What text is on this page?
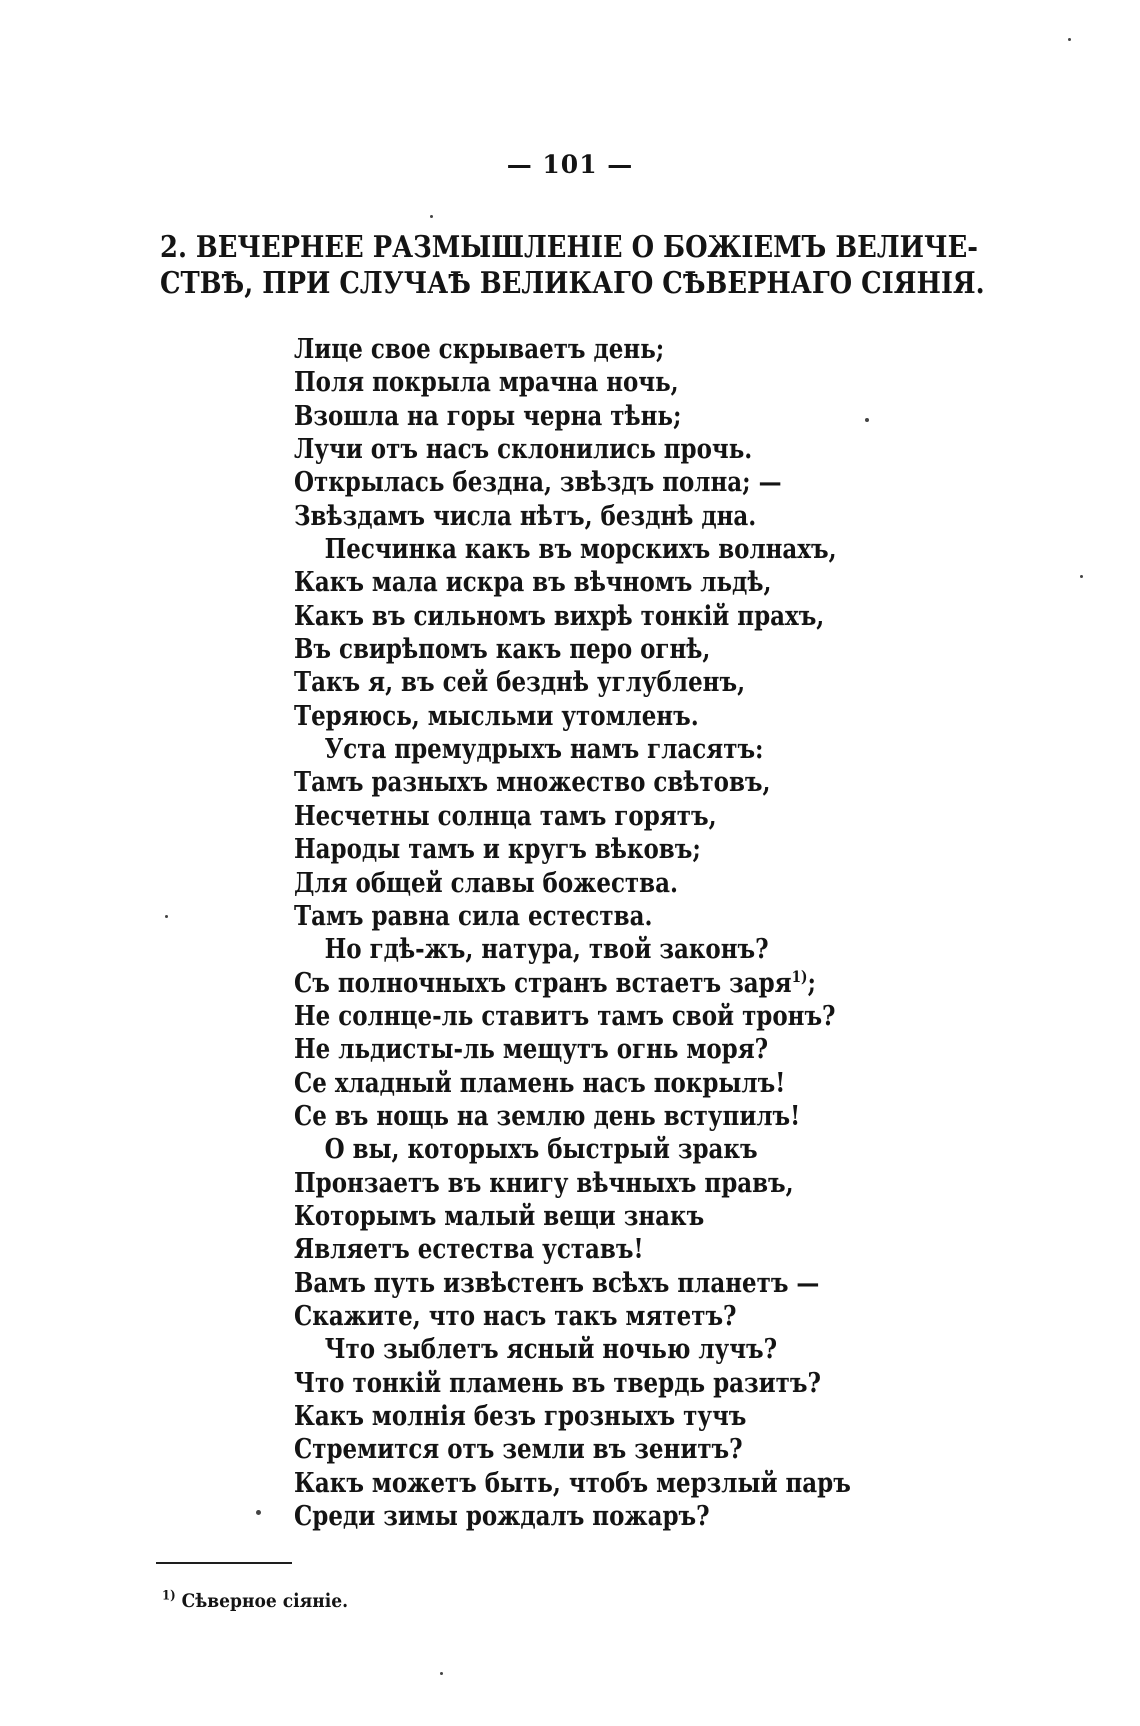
— 101 —
2. ВЕЧЕРНЕЕ РАЗМЫШЛЕНІЕ О БОЖІЕМЪ ВЕЛИЧЕ-
СТВѢ, ПРИ СЛУЧАѢ ВЕЛИКАГО СѢВЕРНАГО СІЯНІЯ.
Лице свое скрываетъ день;
Поля покрыла мрачна ночь,
Взошла на горы черна тѣнь;
Лучи отъ насъ склонились прочь.
Открылась бездна, звѣздъ полна; —
Звѣздамъ числа нѣтъ, безднѣ дна.
Песчинка какъ въ морскихъ волнахъ,
Какъ мала искра въ вѣчномъ льдѣ,
Какъ въ сильномъ вихрѣ тонкій прахъ,
Въ свирѣпомъ какъ перо огнѣ,
Такъ я, въ сей безднѣ углубленъ,
Теряюсь, мысльми утомленъ.
Уста премудрыхъ намъ гласятъ:
Тамъ разныхъ множество свѣтовъ,
Несчетны солнца тамъ горятъ,
Народы тамъ и кругъ вѣковъ;
Для общей славы божества.
Тамъ равна сила естества.
Но гдѣ-жъ, натура, твой законъ?
Съ полночныхъ странъ встаетъ заря$^{1)}$;
Не солнце-ль ставитъ тамъ свой тронъ?
Не льдисты-ль мещутъ огнь моря?
Се хладный пламень насъ покрылъ!
Се въ нощь на землю день вступилъ!
О вы, которыхъ быстрый зракъ
Пронзаетъ въ книгу вѣчныхъ правъ,
Которымъ малый вещи знакъ
Являетъ естества уставъ!
Вамъ путь извѣстенъ всѣхъ планетъ —
Скажите, что насъ такъ мятетъ?
Что зыблетъ ясный ночью лучъ?
Что тонкій пламень въ твердь разитъ?
Какъ молнія безъ грозныхъ тучъ
Стремится отъ земли въ зенитъ?
Какъ можетъ быть, чтобъ мерзлый паръ
Среди зимы рождалъ пожаръ?
$^{1)}$ Сѣверное сіяніе.
